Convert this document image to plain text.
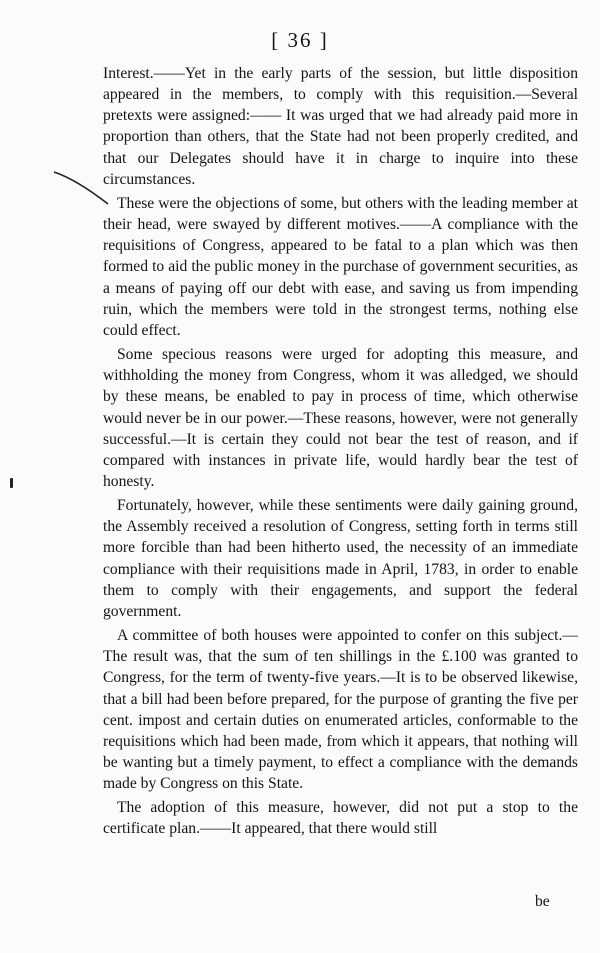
[ 36 ]

Interest.——Yet in the early parts of the session, but little disposition appeared in the members, to comply with this requisition.—Several pretexts were assigned:—— It was urged that we had already paid more in proportion than others, that the State had not been properly credited, and that our Delegates should have it in charge to inquire into these circumstances.

These were the objections of some, but others with the leading member at their head, were swayed by different motives.——A compliance with the requisitions of Congress, appeared to be fatal to a plan which was then formed to aid the public money in the purchase of government securities, as a means of paying off our debt with ease, and saving us from impending ruin, which the members were told in the strongest terms, nothing else could effect.

Some specious reasons were urged for adopting this measure, and withholding the money from Congress, whom it was alledged, we should by these means, be enabled to pay in process of time, which otherwise would never be in our power.—These reasons, however, were not generally successful.—It is certain they could not bear the test of reason, and if compared with instances in private life, would hardly bear the test of honesty.

Fortunately, however, while these sentiments were daily gaining ground, the Assembly received a resolution of Congress, setting forth in terms still more forcible than had been hitherto used, the necessity of an immediate compliance with their requisitions made in April, 1783, in order to enable them to comply with their engagements, and support the federal government.

A committee of both houses were appointed to confer on this subject.— The result was, that the sum of ten shillings in the £.100 was granted to Congress, for the term of twenty-five years.—It is to be observed likewise, that a bill had been before prepared, for the purpose of granting the five per cent. impost and certain duties on enumerated articles, conformable to the requisitions which had been made, from which it appears, that nothing will be wanting but a timely payment, to effect a compliance with the demands made by Congress on this State.

The adoption of this measure, however, did not put a stop to the certificate plan.——It appeared, that there would still

be
